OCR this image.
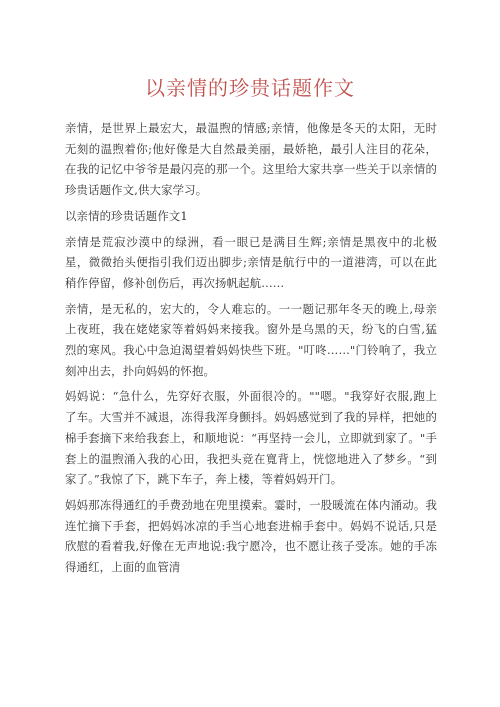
以亲情的珍贵话题作文

亲情，是世界上最宏大，最温煦的情感;亲情，他像是冬天的太阳，无时无刻的温煦着你;他好像是大自然最美丽，最娇艳，最引人注目的花朵，在我的记忆中爷爷是最闪亮的那一个。这里给大家共享一些关于以亲情的珍贵话题作文,供大家学习。

以亲情的珍贵话题作文1

亲情是荒寂沙漠中的绿洲，看一眼已是满目生辉;亲情是黑夜中的北极星，微微抬头便指引我们迈出脚步;亲情是航行中的一道港湾，可以在此稍作停留，修补创伤后，再次扬帆起航……

亲情，是无私的，宏大的，令人难忘的。一一题记那年冬天的晚上,母亲上夜班，我在姥姥家等着妈妈来接我。窗外是乌黑的天，纷飞的白雪,猛烈的寒风。我心中急迫渴望着妈妈快些下班。"叮咚……"门铃响了，我立刻冲出去，扑向妈妈的怀抱。

妈妈说：“急什么，先穿好衣服，外面很冷的。""嗯。"我穿好衣服,跑上了车。大雪并不减退，冻得我浑身颤抖。妈妈感觉到了我的异样，把她的棉手套摘下来给我套上，和顺地说：“再坚持一会儿，立即就到家了。"手套上的温煦涌入我的心田，我把头竞在寬背上，恍惚地进入了梦乡。“到家了。”我惊了下，跳下车子，奔上楼，等着妈妈开门。

妈妈那冻得通红的手费劲地在兜里摸索。霎时，一股暖流在体内涌动。我连忙摘下手套，把妈妈冰凉的手当心地套进棉手套中。妈妈不说话,只是欣慰的看着我,好像在无声地说:我宁愿冷，也不愿让孩子受冻。她的手冻得通红，上面的血管清
